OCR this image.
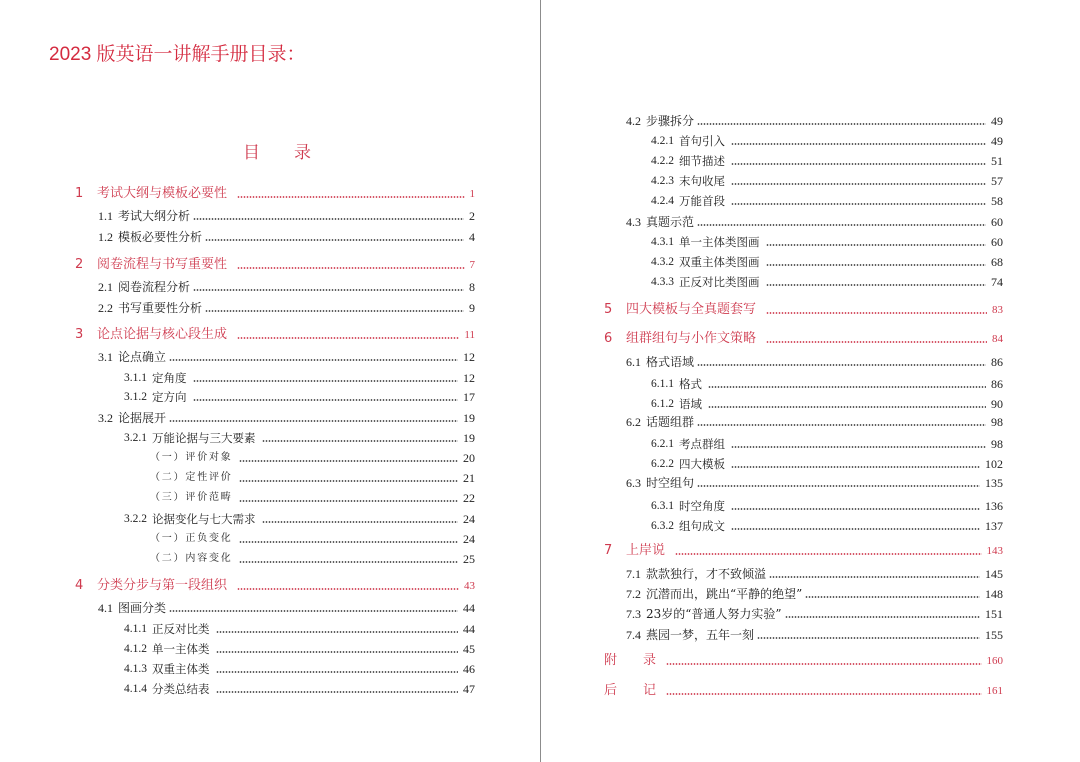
2023 版英语一讲解手册目录：
目　　录
1	考试大纲与模板必要性	1
1.1 考试大纲分析	2
1.2 模板必要性分析	4
2	阅卷流程与书写重要性	7
2.1 阅卷流程分析	8
2.2 书写重要性分析	9
3	论点论据与核心段生成	11
3.1 论点确立	12
3.1.1 定角度	12
3.1.2 定方向	17
3.2 论据展开	19
3.2.1 万能论据与三大要素	19
（一）评价对象	20
（二）定性评价	21
（三）评价范畴	22
3.2.2 论据变化与七大需求	24
（一）正负变化	24
（二）内容变化	25
4	分类分步与第一段组织	43
4.1 图画分类	44
4.1.1 正反对比类	44
4.1.2 单一主体类	45
4.1.3 双重主体类	46
4.1.4 分类总结表	47
4.2 步骤拆分	49
4.2.1 首句引入	49
4.2.2 细节描述	51
4.2.3 末句收尾	57
4.2.4 万能首段	58
4.3 真题示范	60
4.3.1 单一主体类图画	60
4.3.2 双重主体类图画	68
4.3.3 正反对比类图画	74
5	四大模板与全真题套写	83
6	组群组句与小作文策略	84
6.1 格式语域	86
6.1.1 格式	86
6.1.2 语域	90
6.2 话题组群	98
6.2.1 考点群组	98
6.2.2 四大模板	102
6.3 时空组句	135
6.3.1 时空角度	136
6.3.2 组句成文	137
7	上岸说	143
7.1 款款独行，才不致倾溢	145
7.2 沉潜而出，跳出“平静的绝望”	148
7.3 23岁的“普通人努力实验”	151
7.4 燕园一梦，五年一刻	155
附　　录	160
后　　记	161
